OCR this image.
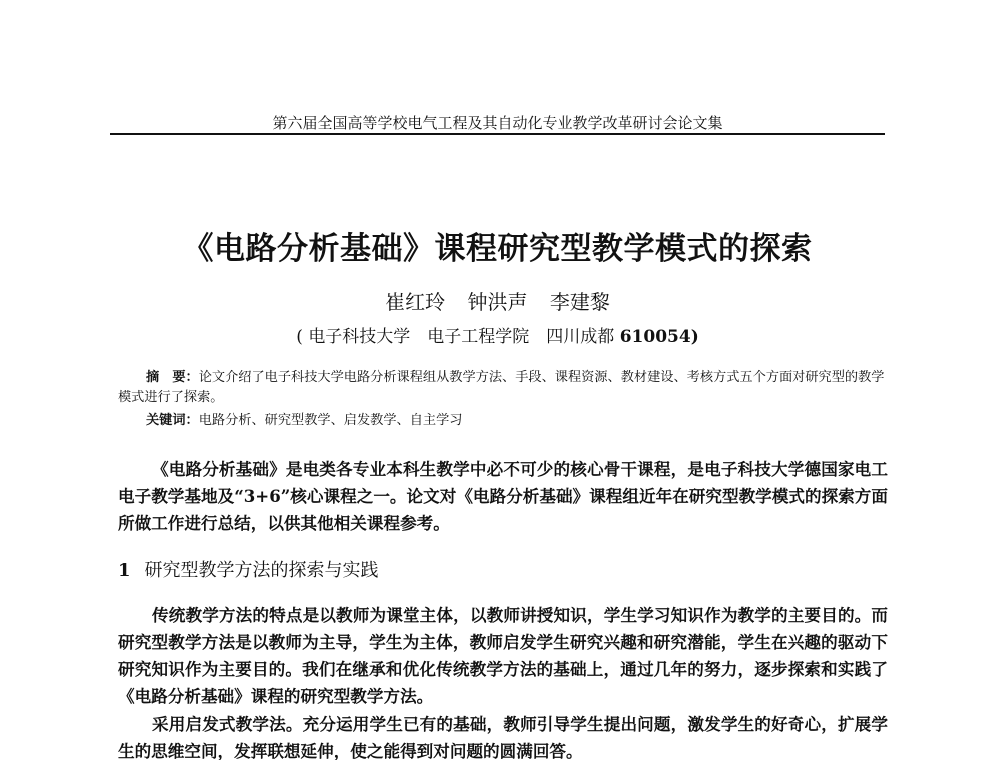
第六届全国高等学校电气工程及其自动化专业教学改革研讨会论文集
《电路分析基础》课程研究型教学模式的探索
崔红玲 钟洪声 李建黎
( 电子科技大学　电子工程学院　四川成都 610054)

摘　要：论文介绍了电子科技大学电路分析课程组从教学方法、手段、课程资源、教材建设、考核方式五个方面对研究型的教学模式进行了探索。

关键词：电路分析、研究型教学、启发教学、自主学习

《电路分析基础》是电类各专业本科生教学中必不可少的核心骨干课程，是电子科技大学德国家电工电子教学基地及“3+6”核心课程之一。论文对《电路分析基础》课程组近年在研究型教学模式的探索方面所做工作进行总结，以供其他相关课程参考。

1 研究型教学方法的探索与实践

传统教学方法的特点是以教师为课堂主体，以教师讲授知识，学生学习知识作为教学的主要目的。而研究型教学方法是以教师为主导，学生为主体，教师启发学生研究兴趣和研究潜能，学生在兴趣的驱动下研究知识作为主要目的。我们在继承和优化传统教学方法的基础上，通过几年的努力，逐步探索和实践了《电路分析基础》课程的研究型教学方法。

采用启发式教学法。充分运用学生已有的基础，教师引导学生提出问题，激发学生的好奇心，扩展学生的思维空间，发挥联想延伸，使之能得到对问题的圆满回答。
